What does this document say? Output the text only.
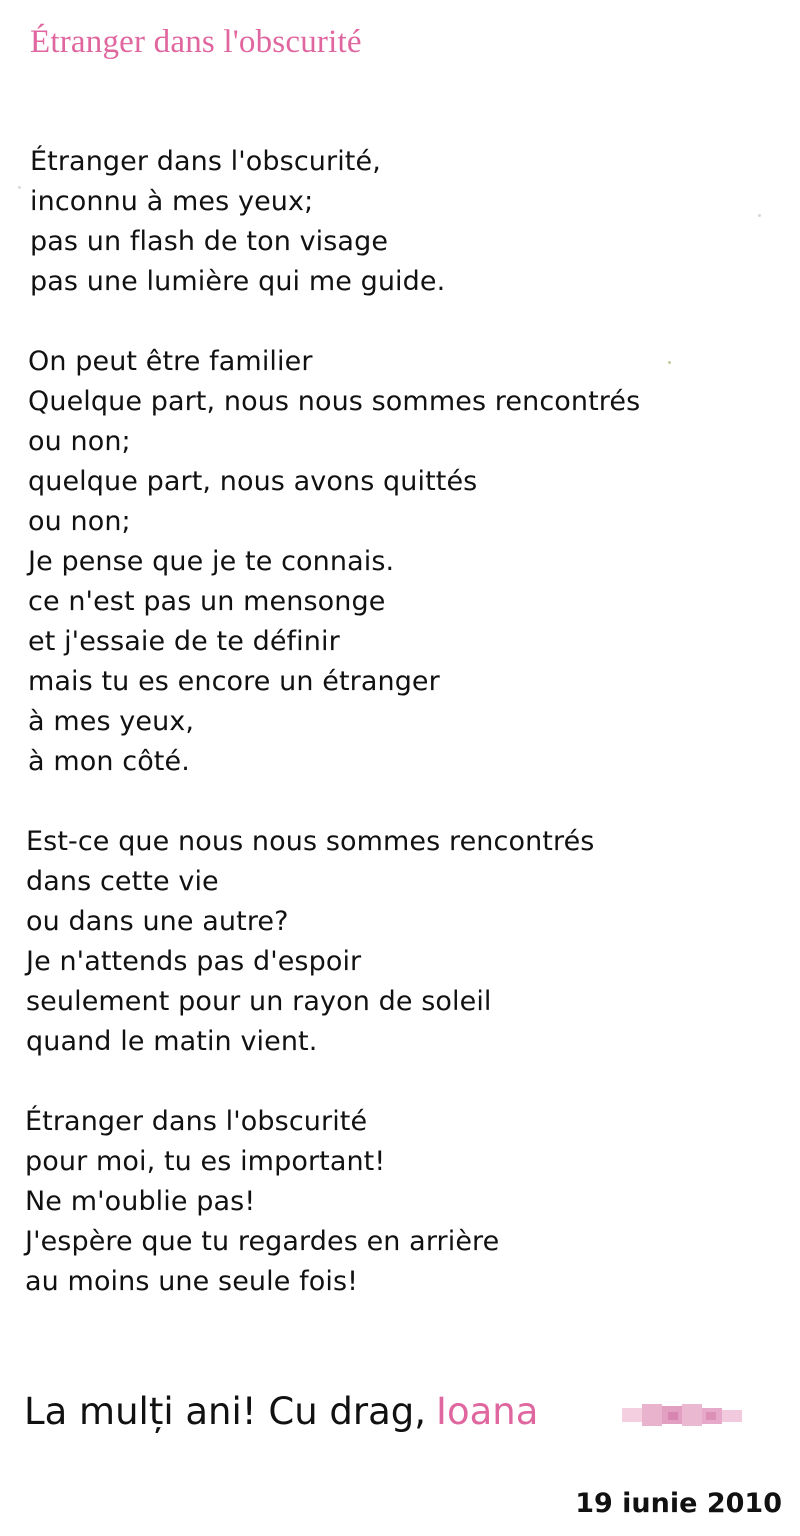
Étranger dans l'obscurité
Étranger dans l'obscurité,
inconnu à mes yeux;
pas un flash de ton visage
pas une lumière qui me guide.
On peut être familier
Quelque part, nous nous sommes rencontrés
ou non;
quelque part, nous avons quittés
ou non;
Je pense que je te connais.
ce n'est pas un mensonge
et j'essaie de te définir
mais tu es encore un étranger
à mes yeux,
à mon côté.
Est-ce que nous nous sommes rencontrés
dans cette vie
ou dans une autre?
Je n'attends pas d'espoir
seulement pour un rayon de soleil
quand le matin vient.
Étranger dans l'obscurité
pour moi, tu es important!
Ne m'oublie pas!
J'espère que tu regardes en arrière
au moins une seule fois!
La mulți ani! Cu drag, Ioana
19 iunie 2010
